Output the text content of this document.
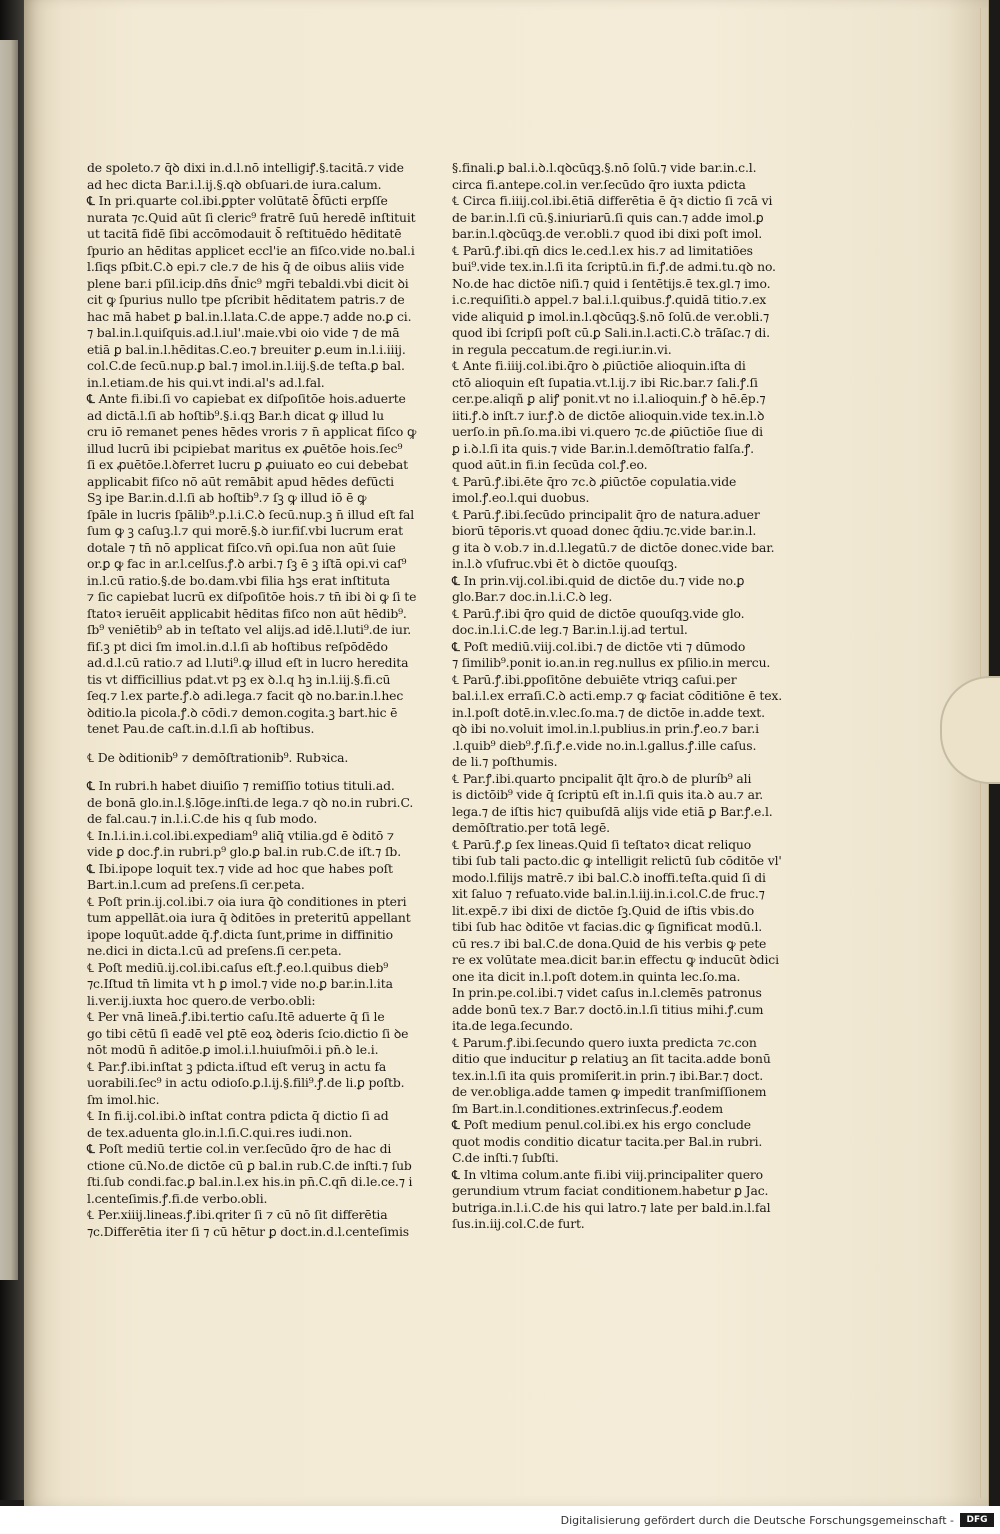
de spoleto.⁊ q̄ꝺ dixi in.d.l.nō intelligiꝭ.§.tacitā.⁊ vide
ad hec dicta Bar.i.l.ij.§.qꝺ obſuari.de iura.calum.
℄ In pri.quarte col.ibi.ꝑpter volūtatē ꝺ̄fūcti erpſſe
nurata ⁊c.Quid aūt ſi cleric⁹ fratrē ſuū heredē inſtituit
ut tacitā fidē ſibi accōmodauit ꝺ̄ reſtituēdo hēditatē
ſpurio an hēditas applicet eccl'ie an fiſco.vide no.bal.i
l.ſiqs pſbit.C.ꝺ epi.⁊ cle.⁊ de his q̄ de oibus aliis vide
plene bar.i pſil.icip.dn̄s d̄nic⁹ mgr̄i tebaldi.vbi dicit ꝺi
cit ꝙ ſpurius nullo tpe pſcribit hēditatem patris.⁊ de
hac mā habet ꝑ bal.in.l.lata.C.de appe.⁊ adde no.ꝑ ci.
⁊ bal.in.l.quiſquis.ad.l.iul'.maie.vbi oio vide ⁊ de mā
etiā ꝑ bal.in.l.hēditas.C.eo.⁊ breuiter ꝑ.eum in.l.i.iiij.
col.C.de ſecū.nup.ꝑ bal.⁊ imol.in.l.iij.§.de teſta.ꝑ bal.
in.l.etiam.de his qui.vt indi.al's ad.l.fal.
℄ Ante fi.ibi.ſi vo capiebat ex diſpoſitōe hois.aduerte
ad dictā.l.ſi ab hoſtib⁹.§.i.qꝫ Bar.h dicat ꝙ illud lu
cru iō remanet penes hēdes vroris ⁊ n̄ applicat fiſco ꝙ
illud lucrū ibi pcipiebat maritus ex ꝓuētōe hois.ſec⁹
ſi ex ꝓuētōe.l.ꝺferret lucru ꝑ ꝓuiuato eo cui debebat
applicabit fiſco nō aūt remābit apud hēdes defūcti
Sꝫ ipe Bar.in.d.l.ſi ab hoſtib⁹.⁊ ſꝫ ꝙ illud iō ē ꝙ
ſpāle in lucris ſpālib⁹.p.l.i.C.ꝺ ſecū.nup.ꝫ n̄ illud eſt fal
ſum ꝙ ꝫ caſuꝫ.l.⁊ qui morē.§.ꝺ iur.fiſ.vbi lucrum erat
dotale ⁊ tn̄ nō applicat fiſco.vn̄ opi.ſua non aūt ſuie
or.ꝑ ꝙ fac in ar.l.celſus.ꝭ.ꝺ arbi.⁊ ſꝫ ē ꝫ iſtā opi.vi caſ⁹
in.l.cū ratio.§.de bo.dam.vbi filia hꝫs erat inſtituta
⁊ ſic capiebat lucrū ex diſpoſitōe hois.⁊ tn̄ ibi ꝺi ꝙ ſi te
ſtatoꝛ ieruēit applicabit hēditas fiſco non aūt hēdib⁹.
ſb⁹ veniētib⁹ ab in teſtato vel alijs.ad idē.l.luti⁹.de iur.
fiſ.ꝫ pt dici ſm imol.in.d.l.ſi ab hoſtibus reſpōdēdo
ad.d.l.cū ratio.⁊ ad l.luti⁹.ꝙ illud eſt in lucro heredita
tis vt difficillius pdat.vt pꝫ ex ꝺ.l.q hꝫ in.l.iij.§.fi.cū
ſeq.⁊ l.ex parte.ꝭ.ꝺ adi.lega.⁊ facit qꝺ no.bar.in.l.hec
ꝺditio.la picola.ꝭ.ꝺ cōdi.⁊ demon.cogita.ꝫ bart.hic ē
tenet Pau.de caſt.in.d.l.ſi ab hoſtibus.
℄ De ꝺditionib⁹ ⁊ demōſtrationib⁹. Rubꝛica.
℄ In rubri.h habet diuiſio ⁊ remiſſio totius tituli.ad.
de bonā glo.in.l.§.lōge.inſti.de lega.⁊ qꝺ no.in rubri.C.
de fal.cau.⁊ in.l.i.C.de his q ſub modo.
℄ In.l.i.in.i.col.ibi.expediam⁹ aliq̄ vtilia.gd ē ꝺditō ⁊
vide ꝑ doc.ꝭ.in rubri.p⁹ glo.ꝑ bal.in rub.C.de iſt.⁊ ſb.
℄ Ibi.ipope loquit tex.⁊ vide ad hoc que habes poſt
Bart.in.l.cum ad preſens.ſi cer.peta.
℄ Poſt prin.ij.col.ibi.⁊ oia iura q̄ꝺ conditiones in pteri
tum appellāt.oia iura q̄ ꝺditōes in preteritū appellant
ipope loquūt.adde q̄.ꝭ.dicta ſunt,prime in diffinitio
ne.dici in dicta.l.cū ad preſens.ſi cer.peta.
℄ Poſt mediū.ij.col.ibi.caſus eſt.ꝭ.eo.l.quibus dieb⁹
⁊c.Iſtud tn̄ limita vt h ꝑ imol.⁊ vide no.ꝑ bar.in.l.ita
li.ver.ij.iuxta hoc quero.de verbo.obli:
℄ Per vnā lineā.ꝭ.ibi.tertio caſu.Itē aduerte q̄ ſi le
go tibi cētū ſi eadē vel ꝑtē eoꝝ ꝺderis ſcio.dictio ſi ꝺe
nōt modū n̄ aditōe.ꝑ imol.i.l.huiuſmōi.i pn̄.ꝺ le.i.
℄ Par.ꝭ.ibi.inſtat ꝫ pdicta.iſtud eſt veruꝫ in actu fa
uorabili.ſec⁹ in actu odioſo.ꝑ.l.ij.§.fili⁹.ꝭ.de li.ꝑ poſtb.
ſm imol.hic.
℄ In fi.ij.col.ibi.ꝺ inſtat contra pdicta q̄ dictio ſi ad
de tex.aduenta glo.in.l.ſi.C.qui.res iudi.non.
℄ Poſt mediū tertie col.in ver.ſecūdo q̄ro de hac di
ctione cū.No.de dictōe cū ꝑ bal.in rub.C.de inſti.⁊ ſub
ſti.ſub condi.fac.ꝑ bal.in.l.ex his.in pn̄.C.qn̄ di.le.ce.⁊ i
l.centeſimis.ꝭ.fi.de verbo.obli.
℄ Per.xiiij.lineas.ꝭ.ibi.qriter ſi ⁊ cū nō ſit differētia
⁊c.Differētia iter ſi ⁊ cū hētur ꝑ doct.in.d.l.centeſimis
§.finali.ꝑ bal.i.ꝺ.l.qꝺcūqꝫ.§.nō ſolū.⁊ vide bar.in.c.l.
circa fi.antepe.col.in ver.ſecūdo q̄ro iuxta pdicta
℄ Circa fi.iiij.col.ibi.ētiā differētia ē q̄ꝛ dictio ſi ⁊cā vi
de bar.in.l.ſi cū.§.iniuriarū.ſi quis can.⁊ adde imol.ꝑ
bar.in.l.qꝺcūqꝫ.de ver.obli.⁊ quod ibi dixi poſt imol.
℄ Parū.ꝭ.ibi.qn̄ dics le.ced.l.ex his.⁊ ad limitatiōes
bui⁹.vide tex.in.l.ſi ita ſcriptū.in fi.ꝭ.de admi.tu.qꝺ no.
No.de hac dictōe niſi.⁊ quid i ſentētijs.ē tex.gl.⁊ imo.
i.c.requiſiti.ꝺ appel.⁊ bal.i.l.quibus.ꝭ.quidā titio.⁊.ex
vide aliquid ꝑ imol.in.l.qꝺcūqꝫ.§.nō ſolū.de ver.obli.⁊
quod ibi ſcripſi poſt cū.ꝑ Sali.in.l.acti.C.ꝺ trāſac.⁊ di.
in regula peccatum.de regi.iur.in.vi.
℄ Ante fi.iiij.col.ibi.q̄ro ꝺ ꝓiūctiōe alioquin.iſta di
ctō alioquin eſt ſupatia.vt.l.ij.⁊ ibi Ric.bar.⁊ ſali.ꝭ.ſi
cer.pe.aliqñ ꝑ aliꝭ ponit.vt no i.l.alioquin.ꝭ ꝺ hē.ēp.⁊
iiti.ꝭ.ꝺ inſt.⁊ iur.ꝭ.ꝺ de dictōe alioquin.vide tex.in.l.ꝺ
uerſo.in pn̄.ſo.ma.ibi vi.quero ⁊c.de ꝓiūctiōe ſiue di
ꝑ i.ꝺ.l.ſi ita quis.⁊ vide Bar.in.l.demōſtratio falſa.ꝭ.
quod aūt.in fi.in ſecūda col.ꝭ.eo.
℄ Parū.ꝭ.ibi.ēte q̄ro ⁊c.ꝺ ꝓiūctōe copulatia.vide
imol.ꝭ.eo.l.qui duobus.
℄ Parū.ꝭ.ibi.ſecūdo principalit q̄ro de natura.aduer
biorū tēporis.vt quoad donec q̄diu.⁊c.vide bar.in.l.
g ita ꝺ v.ob.⁊ in.d.l.legatū.⁊ de dictōe donec.vide bar.
in.l.ꝺ vſufruc.vbi ēt ꝺ dictōe quouſqꝫ.
℄ In prin.vij.col.ibi.quid de dictōe du.⁊ vide no.ꝑ
glo.Bar.⁊ doc.in.l.i.C.ꝺ leg.
℄ Parū.ꝭ.ibi q̄ro quid de dictōe quouſqꝫ.vide glo.
doc.in.l.i.C.de leg.⁊ Bar.in.l.ij.ad tertul.
℄ Poſt mediū.viij.col.ibi.⁊ de dictōe vti ⁊ dūmodo
⁊ ſimilib⁹.ponit io.an.in reg.nullus ex pſilio.in mercu.
℄ Parū.ꝭ.ibi.ꝑpoſitōne debuiēte vtriqꝫ caſui.per
bal.i.l.ex erraſi.C.ꝺ acti.emp.⁊ ꝙ faciat cōditiōne ē tex.
in.l.poſt dotē.in.v.lec.ſo.ma.⁊ de dictōe in.adde text.
qꝺ ibi no.voluit imol.in.l.publius.in prin.ꝭ.eo.⁊ bar.i
.l.quib⁹ dieb⁹.ꝭ.ſi.ꝭ.e.vide no.in.l.gallus.ꝭ.ille caſus.
de li.⁊ poſthumis.
℄ Par.ꝭ.ibi.quarto pncipalit q̄lt q̄ro.ꝺ de pluríb⁹ ali
is dictōib⁹ vide q̄ ſcriptū eſt in.l.ſi quis ita.ꝺ au.⁊ ar.
lega.⁊ de iſtis hic⁊ quibuſdā alijs vide etiā ꝑ Bar.ꝭ.e.l.
demōſtratio.per totā legē.
℄ Parū.ꝭ.ꝑ ſex lineas.Quid ſi teſtatoꝛ dicat reliquo
tibi ſub tali pacto.dic ꝙ intelligit relictū ſub cōditōe vl'
modo.l.filijs matrē.⁊ ibi bal.C.ꝺ inoffi.teſta.quid ſi di
xit ſaluo ⁊ refuato.vide bal.in.l.iij.in.i.col.C.de fruc.⁊
lit.expē.⁊ ibi dixi de dictōe ſꝫ.Quid de iſtis vbis.do
tibi ſub hac ꝺditōe vt facias.dic ꝙ ſignificat modū.l.
cū res.⁊ ibi bal.C.de dona.Quid de his verbis ꝙ pete
re ex volūtate mea.dicit bar.in effectu ꝙ inducūt ꝺdici
one ita dicit in.l.poſt dotem.in quinta lec.ſo.ma.
In prin.pe.col.ibi.⁊ videt caſus in.l.clemēs patronus
adde bonū tex.⁊ Bar.⁊ doctō.in.l.ſi titius mihi.ꝭ.cum
ita.de lega.ſecundo.
℄ Parum.ꝭ.ibi.ſecundo quero iuxta predicta ⁊c.con
ditio que inducitur ꝑ relatiuꝫ an ſit tacita.adde bonū
tex.in.l.ſi ita quis promiſerit.in prin.⁊ ibi.Bar.⁊ doct.
de ver.obliga.adde tamen ꝙ impedit tranſmiſſionem
ſm Bart.in.l.conditiones.extrinſecus.ꝭ.eodem
℄ Poſt medium penul.col.ibi.ex his ergo conclude
quot modis conditio dicatur tacita.per Bal.in rubri.
C.de inſti.⁊ ſubſti.
℄ In vltima colum.ante fi.ibi viij.principaliter quero
gerundium vtrum faciat conditionem.habetur ꝑ Jac.
butriga.in.l.i.C.de his qui latro.⁊ late per bald.in.l.fal
ſus.in.iij.col.C.de furt.
Digitalisierung gefördert durch die Deutsche Forschungsgemeinschaft -	DFG
